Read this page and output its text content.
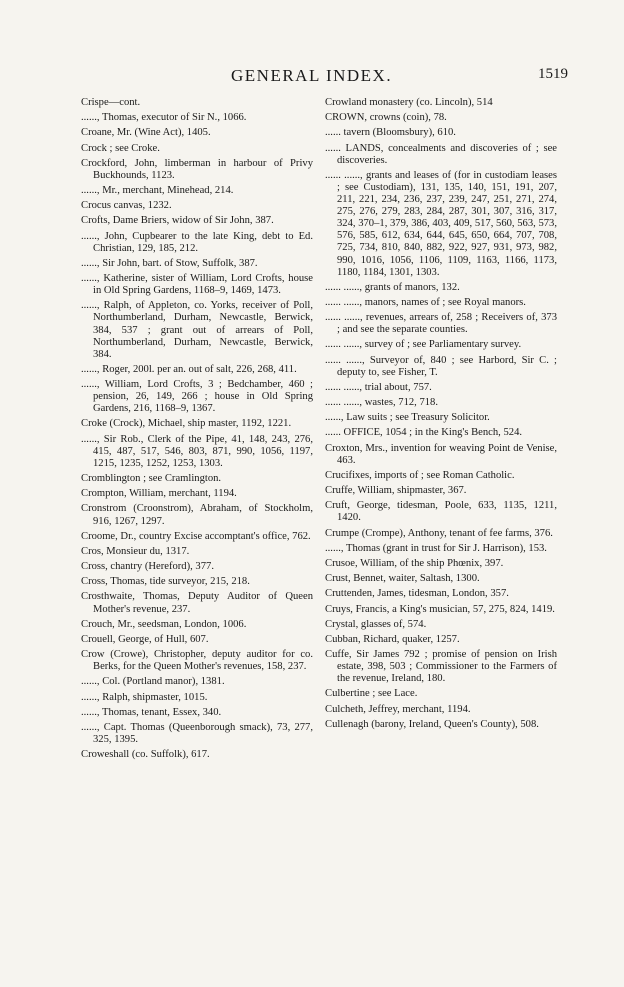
GENERAL INDEX.	1519
Crispe—cont.
......, Thomas, executor of Sir N., 1066.
Croane, Mr. (Wine Act), 1405.
Crock ; see Croke.
Crockford, John, limberman in harbour of Privy Buckhounds, 1123.
......, Mr., merchant, Minehead, 214.
Crocus canvas, 1232.
Crofts, Dame Briers, widow of Sir John, 387.
......, John, Cupbearer to the late King, debt to Ed. Christian, 129, 185, 212.
......, Sir John, bart. of Stow, Suffolk, 387.
......, Katherine, sister of William, Lord Crofts, house in Old Spring Gardens, 1168–9, 1469, 1473.
......, Ralph, of Appleton, co. Yorks, receiver of Poll, Northumberland, Durham, Newcastle, Berwick, 384, 537 ; grant out of arrears of Poll, Northumberland, Durham, Newcastle, Berwick, 384.
......, Roger, 200l. per an. out of salt, 226, 268, 411.
......, William, Lord Crofts, 3 ; Bedchamber, 460 ; pension, 26, 149, 266 ; house in Old Spring Gardens, 216, 1168–9, 1367.
Croke (Crock), Michael, ship master, 1192, 1221.
......, Sir Rob., Clerk of the Pipe, 41, 148, 243, 276, 415, 487, 517, 546, 803, 871, 990, 1056, 1197, 1215, 1235, 1252, 1253, 1303.
Cromblington ; see Cramlington.
Crompton, William, merchant, 1194.
Cronstrom (Croonstrom), Abraham, of Stockholm, 916, 1267, 1297.
Croome, Dr., country Excise accomptant's office, 762.
Cros, Monsieur du, 1317.
Cross, chantry (Hereford), 377.
Cross, Thomas, tide surveyor, 215, 218.
Crosthwaite, Thomas, Deputy Auditor of Queen Mother's revenue, 237.
Crouch, Mr., seedsman, London, 1006.
Crouell, George, of Hull, 607.
Crow (Crowe), Christopher, deputy auditor for co. Berks, for the Queen Mother's revenues, 158, 237.
......, Col. (Portland manor), 1381.
......, Ralph, shipmaster, 1015.
......, Thomas, tenant, Essex, 340.
......, Capt. Thomas (Queenborough smack), 73, 277, 325, 1395.
Croweshall (co. Suffolk), 617.
Crowland monastery (co. Lincoln), 514
CROWN, crowns (coin), 78.
...... tavern (Bloomsbury), 610.
...... LANDS, concealments and discoveries of ; see discoveries.
...... ......, grants and leases of (for in custodiam leases ; see Custodiam), 131, 135, 140, 151, 191, 207, 211, 221, 234, 236, 237, 239, 247, 251, 271, 274, 275, 276, 279, 283, 284, 287, 301, 307, 316, 317, 324, 370–1, 379, 386, 403, 409, 517, 560, 563, 573, 576, 585, 612, 634, 644, 645, 650, 664, 707, 708, 725, 734, 810, 840, 882, 922, 927, 931, 973, 982, 990, 1016, 1056, 1106, 1109, 1163, 1166, 1173, 1180, 1184, 1301, 1303.
...... ......, grants of manors, 132.
...... ......, manors, names of ; see Royal manors.
...... ......, revenues, arrears of, 258 ; Receivers of, 373 ; and see the separate counties.
...... ......, survey of ; see Parliamentary survey.
...... ......, Surveyor of, 840 ; see Harbord, Sir C. ; deputy to, see Fisher, T.
...... ......, trial about, 757.
...... ......, wastes, 712, 718.
......, Law suits ; see Treasury Solicitor.
...... OFFICE, 1054 ; in the King's Bench, 524.
Croxton, Mrs., invention for weaving Point de Venise, 463.
Crucifixes, imports of ; see Roman Catholic.
Cruffe, William, shipmaster, 367.
Cruft, George, tidesman, Poole, 633, 1135, 1211, 1420.
Crumpe (Crompe), Anthony, tenant of fee farms, 376.
......, Thomas (grant in trust for Sir J. Harrison), 153.
Crusoe, William, of the ship Phœnix, 397.
Crust, Bennet, waiter, Saltash, 1300.
Cruttenden, James, tidesman, London, 357.
Cruys, Francis, a King's musician, 57, 275, 824, 1419.
Crystal, glasses of, 574.
Cubban, Richard, quaker, 1257.
Cuffe, Sir James 792 ; promise of pension on Irish estate, 398, 503 ; Commissioner to the Farmers of the revenue, Ireland, 180.
Culbertine ; see Lace.
Culcheth, Jeffrey, merchant, 1194.
Cullenagh (barony, Ireland, Queen's County), 508.
